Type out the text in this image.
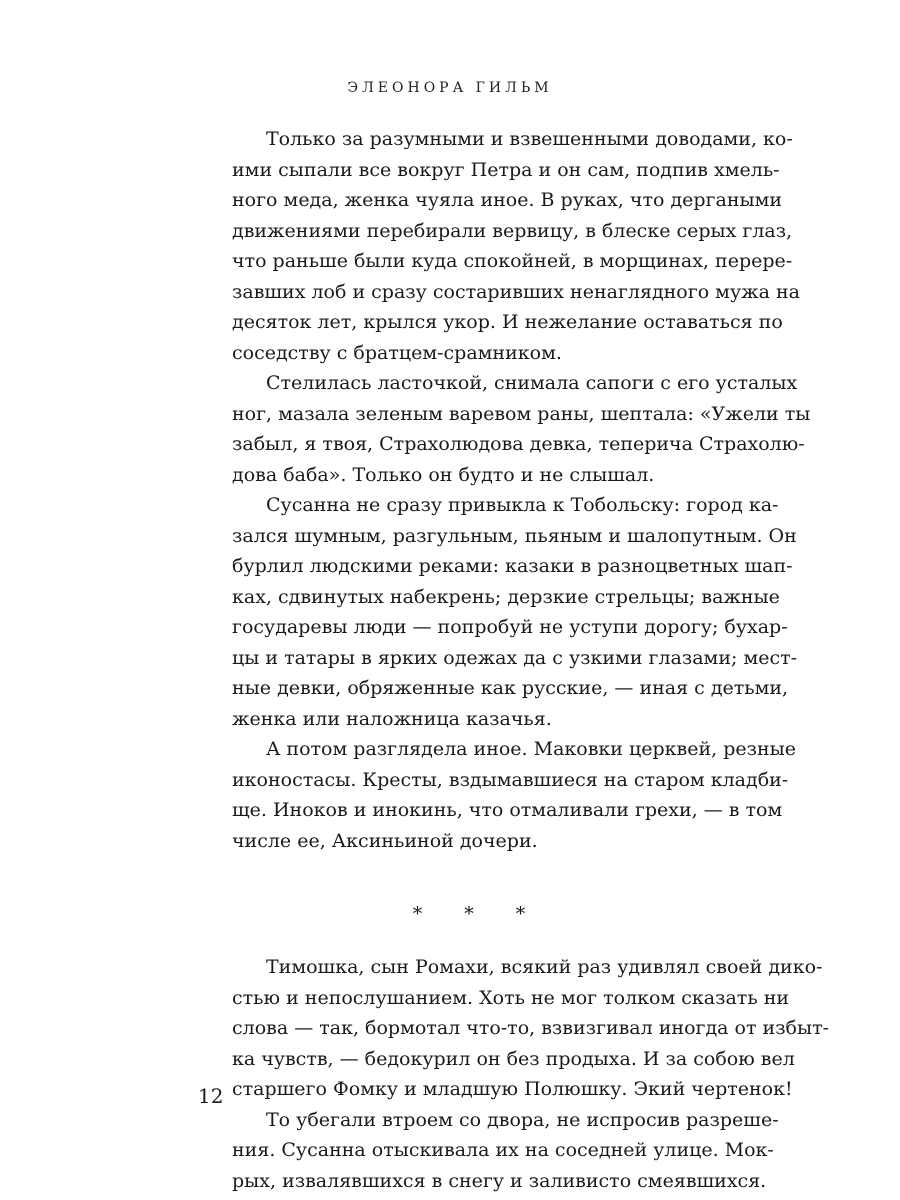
ЭЛЕОНОРА ГИЛЬМ
Только за разумными и взвешенными доводами, ко-
ими сыпали все вокруг Петра и он сам, подпив хмель-
ного меда, женка чуяла иное. В руках, что дергаными
движениями перебирали вервицу, в блеске серых глаз,
что раньше были куда спокойней, в морщинах, перере-
завших лоб и сразу состаривших ненаглядного мужа на
десяток лет, крылся укор. И нежелание оставаться по
соседству с братцем-срамником.
Стелилась ласточкой, снимала сапоги с его усталых
ног, мазала зеленым варевом раны, шептала: «Ужели ты
забыл, я твоя, Страхолюдова девка, теперича Страхолю-
дова баба». Только он будто и не слышал.
Сусанна не сразу привыкла к Тобольску: город ка-
зался шумным, разгульным, пьяным и шалопутным. Он
бурлил людскими реками: казаки в разноцветных шап-
ках, сдвинутых набекрень; дерзкие стрельцы; важные
государевы люди — попробуй не уступи дорогу; бухар-
цы и татары в ярких одежах да с узкими глазами; мест-
ные девки, обряженные как русские, — иная с детьми,
женка или наложница казачья.
А потом разглядела иное. Маковки церквей, резные
иконостасы. Кресты, вздымавшиеся на старом кладби-
ще. Иноков и инокинь, что отмаливали грехи, — в том
числе ее, Аксиньиной дочери.
* * *
Тимошка, сын Ромахи, всякий раз удивлял своей дико-
стью и непослушанием. Хоть не мог толком сказать ни
слова — так, бормотал что-то, взвизгивал иногда от избыт-
ка чувств, — бедокурил он без продыха. И за собою вел
старшего Фомку и младшую Полюшку. Экий чертенок!
То убегали втроем со двора, не испросив разреше-
ния. Сусанна отыскивала их на соседней улице. Мок-
рых, извалявшихся в снегу и заливисто смеявшихся.
12
